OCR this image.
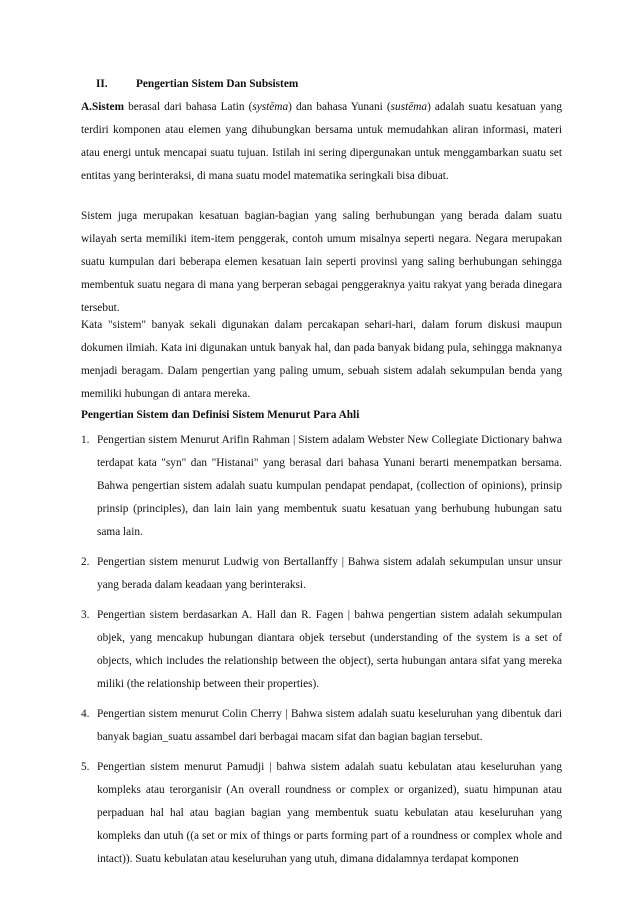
II.	Pengertian Sistem Dan Subsistem
A.Sistem berasal dari bahasa Latin (systēma) dan bahasa Yunani (sustēma) adalah suatu kesatuan yang terdiri komponen atau elemen yang dihubungkan bersama untuk memudahkan aliran informasi, materi atau energi untuk mencapai suatu tujuan. Istilah ini sering dipergunakan untuk menggambarkan suatu set entitas yang berinteraksi, di mana suatu model matematika seringkali bisa dibuat.
Sistem juga merupakan kesatuan bagian-bagian yang saling berhubungan yang berada dalam suatu wilayah serta memiliki item-item penggerak, contoh umum misalnya seperti negara. Negara merupakan suatu kumpulan dari beberapa elemen kesatuan lain seperti provinsi yang saling berhubungan sehingga membentuk suatu negara di mana yang berperan sebagai penggeraknya yaitu rakyat yang berada dinegara tersebut.
Kata "sistem" banyak sekali digunakan dalam percakapan sehari-hari, dalam forum diskusi maupun dokumen ilmiah. Kata ini digunakan untuk banyak hal, dan pada banyak bidang pula, sehingga maknanya menjadi beragam. Dalam pengertian yang paling umum, sebuah sistem adalah sekumpulan benda yang memiliki hubungan di antara mereka.
Pengertian Sistem dan Definisi Sistem Menurut Para Ahli
1. Pengertian sistem Menurut Arifin Rahman | Sistem adalam Webster New Collegiate Dictionary bahwa terdapat kata "syn" dan "Histanai" yang berasal dari bahasa Yunani berarti menempatkan bersama. Bahwa pengertian sistem adalah suatu kumpulan pendapat pendapat, (collection of opinions), prinsip prinsip (principles), dan lain lain yang membentuk suatu kesatuan yang berhubung hubungan satu sama lain.
2. Pengertian sistem menurut Ludwig von Bertallanffy | Bahwa sistem adalah sekumpulan unsur unsur yang berada dalam keadaan yang berinteraksi.
3. Pengertian sistem berdasarkan A. Hall dan R. Fagen | bahwa pengertian sistem adalah sekumpulan objek, yang mencakup hubungan diantara objek tersebut (understanding of the system is a set of objects, which includes the relationship between the object), serta hubungan antara sifat yang mereka miliki (the relationship between their properties).
4. Pengertian sistem menurut Colin Cherry | Bahwa sistem adalah suatu keseluruhan yang dibentuk dari banyak bagian_suatu assambel dari berbagai macam sifat dan bagian bagian tersebut.
5. Pengertian sistem menurut Pamudji | bahwa sistem adalah suatu kebulatan atau keseluruhan yang kompleks atau terorganisir (An overall roundness or complex or organized), suatu himpunan atau perpaduan hal hal atau bagian bagian yang membentuk suatu kebulatan atau keseluruhan yang kompleks dan utuh ((a set or mix of things or parts forming part of a roundness or complex whole and intact)). Suatu kebulatan atau keseluruhan yang utuh, dimana didalamnya terdapat komponen
